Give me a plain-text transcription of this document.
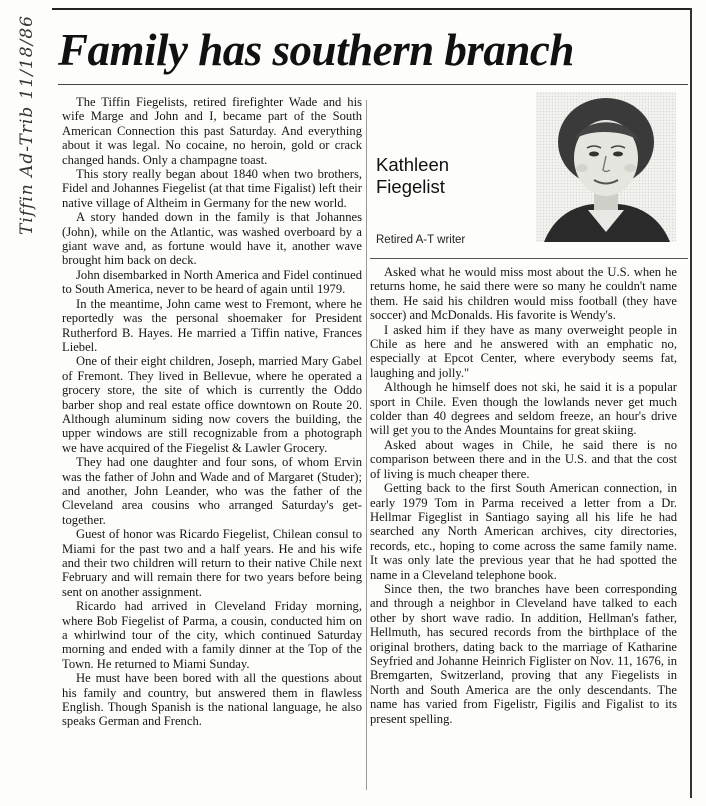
Tiffin Ad-Trib 11/18/86 Family has southern branch
Kathleen
Fiegelist
Retired A-T writer

The Tiffin Fiegelists, retired firefighter Wade and his wife Marge and John and I, became part of the South American Connection this past Saturday. And everything about it was legal. No cocaine, no heroin, gold or crack changed hands. Only a champagne toast.

This story really began about 1840 when two brothers, Fidel and Johannes Fiegelist (at that time Figalist) left their native village of Altheim in Germany for the new world.

A story handed down in the family is that Johannes (John), while on the Atlantic, was washed overboard by a giant wave and, as fortune would have it, another wave brought him back on deck.

John disembarked in North America and Fidel continued to South America, never to be heard of again until 1979.

In the meantime, John came west to Fremont, where he reportedly was the personal shoemaker for President Rutherford B. Hayes. He married a Tiffin native, Frances Liebel.

One of their eight children, Joseph, married Mary Gabel of Fremont. They lived in Bellevue, where he operated a grocery store, the site of which is currently the Oddo barber shop and real estate office downtown on Route 20. Although aluminum siding now covers the building, the upper windows are still recognizable from a photograph we have acquired of the Fiegelist & Lawler Grocery.

They had one daughter and four sons, of whom Ervin was the father of John and Wade and of Margaret (Studer); and another, John Leander, who was the father of the Cleveland area cousins who arranged Saturday's get-together.

Guest of honor was Ricardo Fiegelist, Chilean consul to Miami for the past two and a half years. He and his wife and their two children will return to their native Chile next February and will remain there for two years before being sent on another assignment.

Ricardo had arrived in Cleveland Friday morning, where Bob Fiegelist of Parma, a cousin, conducted him on a whirlwind tour of the city, which continued Saturday morning and ended with a family dinner at the Top of the Town. He returned to Miami Sunday.

He must have been bored with all the questions about his family and country, but answered them in flawless English. Though Spanish is the national language, he also speaks German and French.

Asked what he would miss most about the U.S. when he returns home, he said there were so many he couldn't name them. He said his children would miss football (they have soccer) and McDonalds. His favorite is Wendy's.

I asked him if they have as many overweight people in Chile as here and he answered with an emphatic no, especially at Epcot Center, where everybody seems fat, laughing and jolly."

Although he himself does not ski, he said it is a popular sport in Chile. Even though the lowlands never get much colder than 40 degrees and seldom freeze, an hour's drive will get you to the Andes Mountains for great skiing.

Asked about wages in Chile, he said there is no comparison between there and in the U.S. and that the cost of living is much cheaper there.

Getting back to the first South American connection, in early 1979 Tom in Parma received a letter from a Dr. Hellmar Figeglist in Santiago saying all his life he had searched any North American archives, city directories, records, etc., hoping to come across the same family name. It was only late the previous year that he had spotted the name in a Cleveland telephone book.

Since then, the two branches have been corresponding and through a neighbor in Cleveland have talked to each other by short wave radio. In addition, Hellman's father, Hellmuth, has secured records from the birthplace of the original brothers, dating back to the marriage of Katharine Seyfried and Johanne Heinrich Figlister on Nov. 11, 1676, in Bremgarten, Switzerland, proving that any Fiegelists in North and South America are the only descendants. The name has varied from Figelistr, Figilis and Figalist to its present spelling.
